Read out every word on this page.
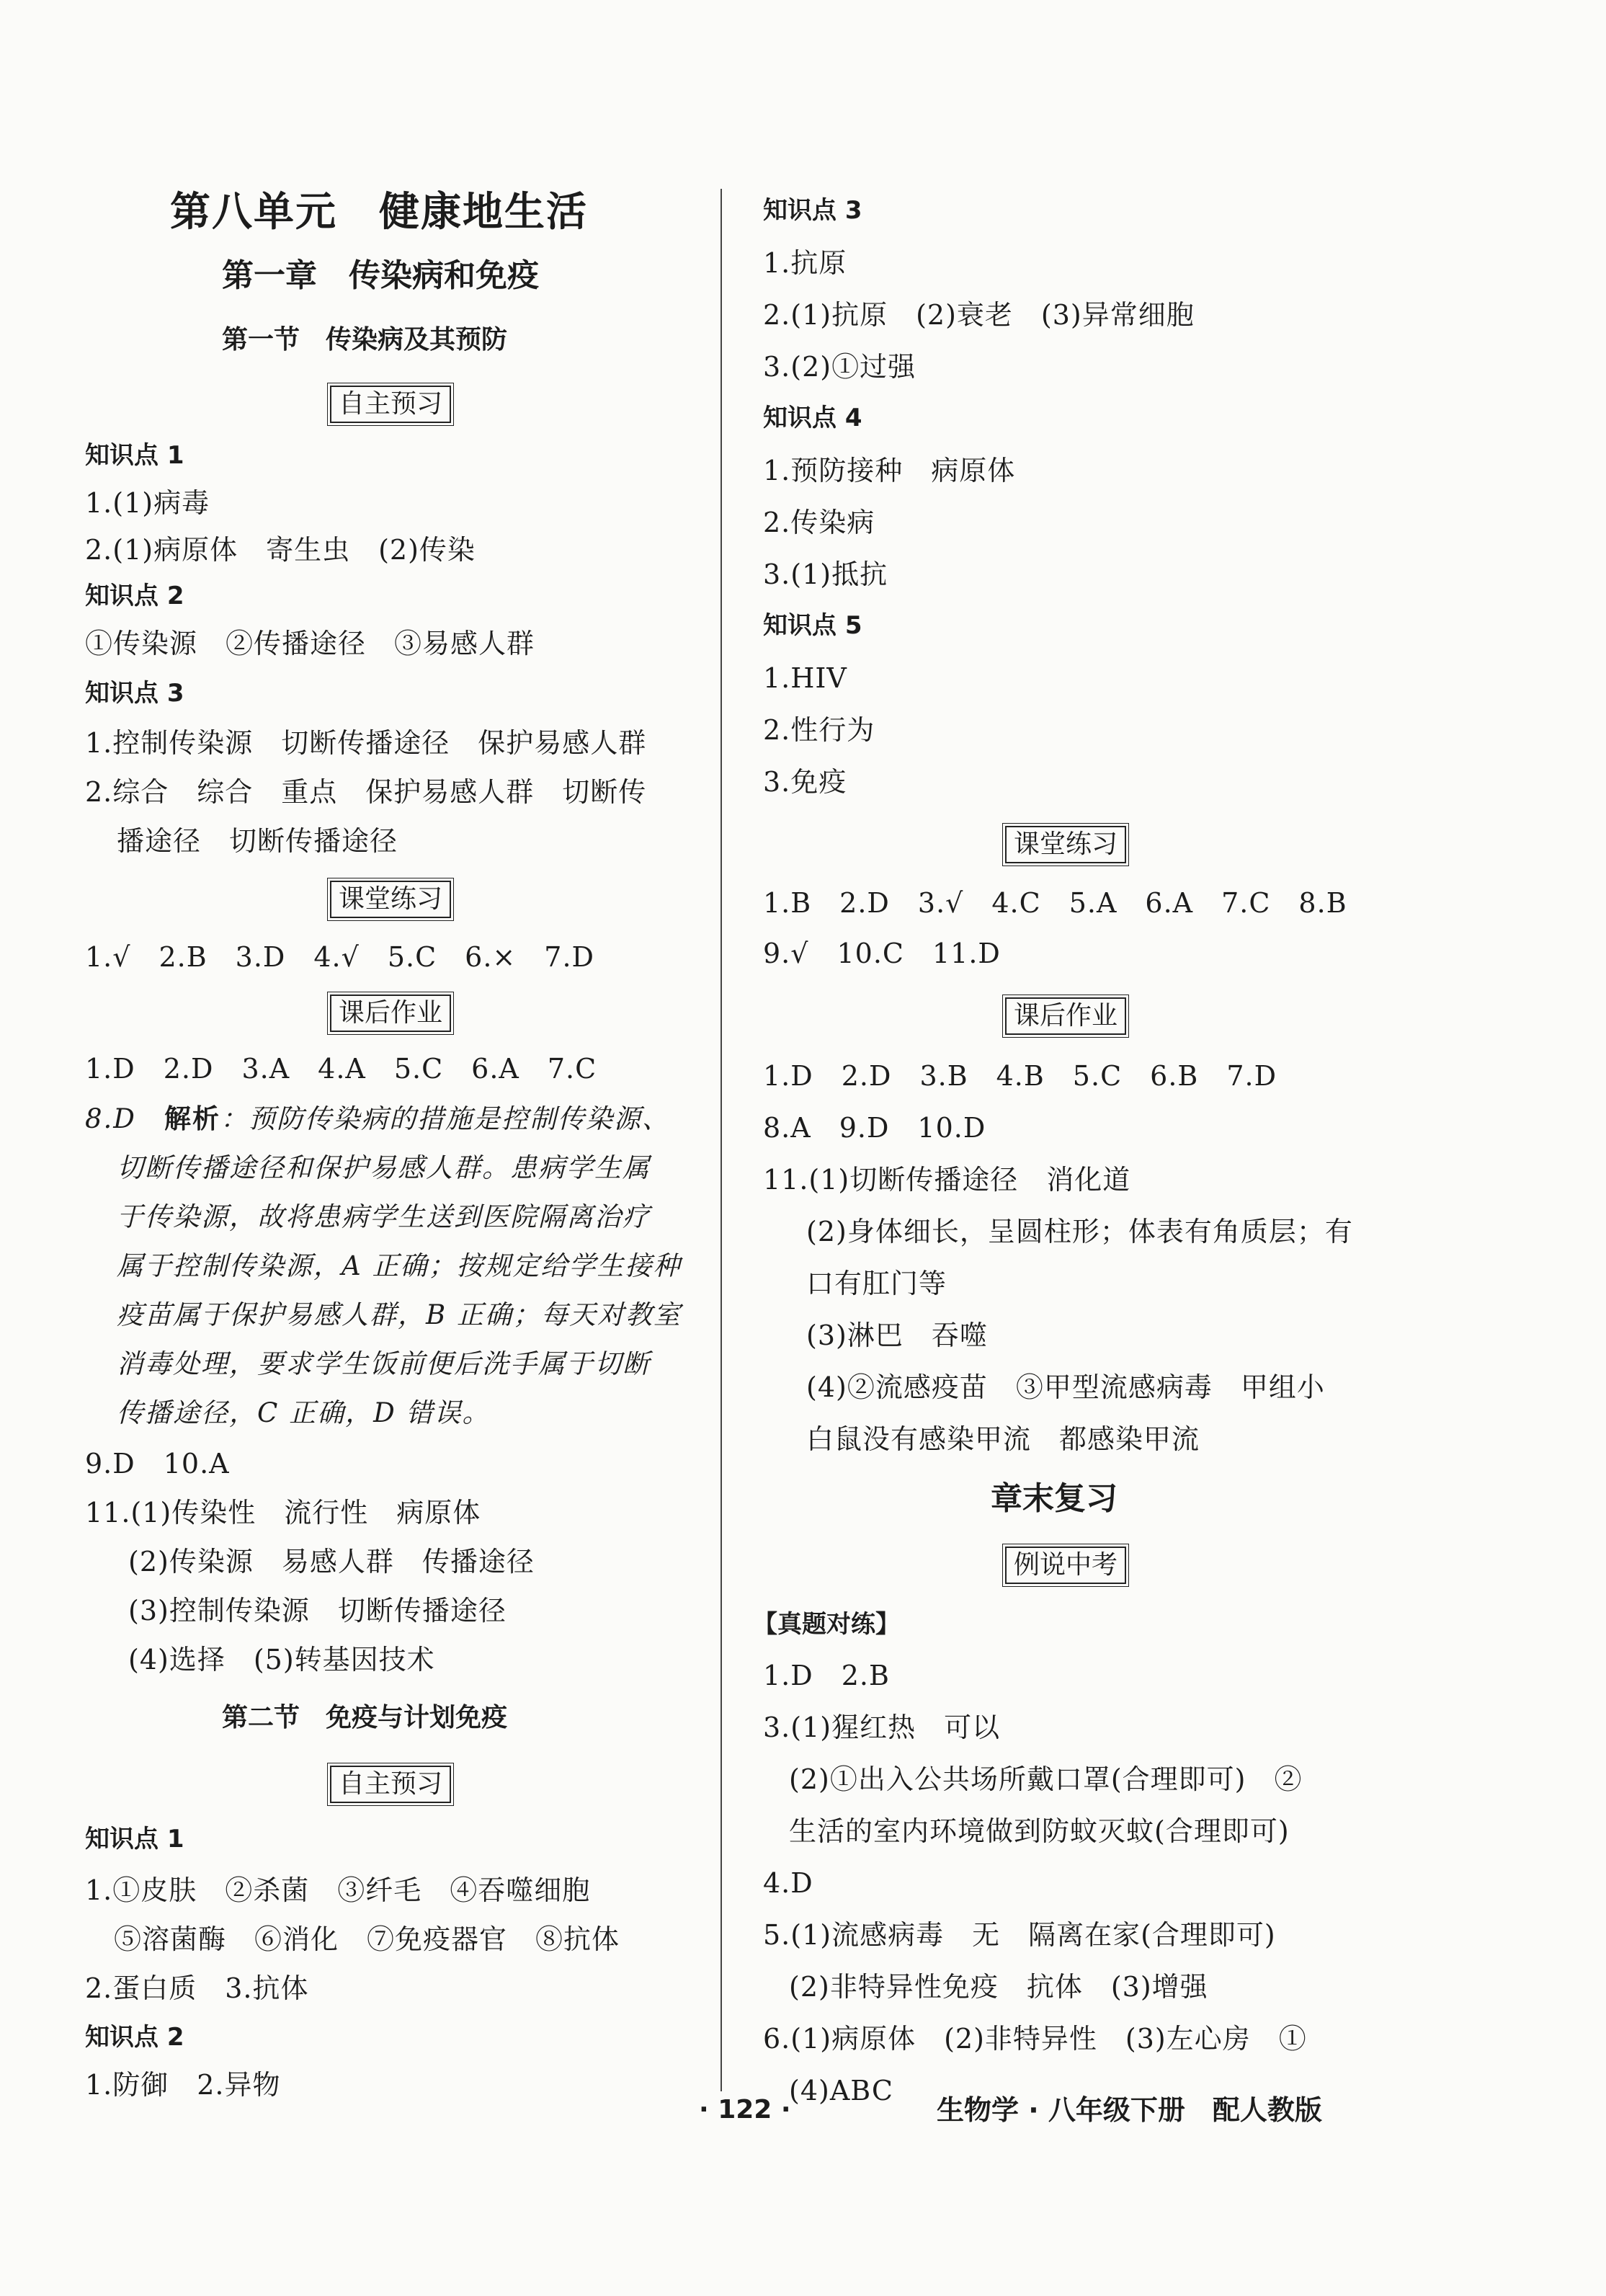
第八单元　健康地生活
第一章　传染病和免疫
第一节　传染病及其预防
自主预习
知识点 1
1.(1)病毒
2.(1)病原体　寄生虫　(2)传染
知识点 2
①传染源　②传播途径　③易感人群
知识点 3
1.控制传染源　切断传播途径　保护易感人群
2.综合　综合　重点　保护易感人群　切断传
播途径　切断传播途径
课堂练习
1.√　2.B　3.D　4.√　5.C　6.×　7.D
课后作业
1.D　2.D　3.A　4.A　5.C　6.A　7.C
8.D　解析：预防传染病的措施是控制传染源、
切断传播途径和保护易感人群。患病学生属
于传染源，故将患病学生送到医院隔离治疗
属于控制传染源，A 正确；按规定给学生接种
疫苗属于保护易感人群，B 正确；每天对教室
消毒处理，要求学生饭前便后洗手属于切断
传播途径，C 正确，D 错误。
9.D　10.A
11.(1)传染性　流行性　病原体
(2)传染源　易感人群　传播途径
(3)控制传染源　切断传播途径
(4)选择　(5)转基因技术
第二节　免疫与计划免疫
自主预习
知识点 1
1.①皮肤　②杀菌　③纤毛　④吞噬细胞
⑤溶菌酶　⑥消化　⑦免疫器官　⑧抗体
2.蛋白质　3.抗体
知识点 2
1.防御　2.异物
知识点 3
1.抗原
2.(1)抗原　(2)衰老　(3)异常细胞
3.(2)①过强
知识点 4
1.预防接种　病原体
2.传染病
3.(1)抵抗
知识点 5
1.HIV
2.性行为
3.免疫
课堂练习
1.B　2.D　3.√　4.C　5.A　6.A　7.C　8.B
9.√　10.C　11.D
课后作业
1.D　2.D　3.B　4.B　5.C　6.B　7.D
8.A　9.D　10.D
11.(1)切断传播途径　消化道
(2)身体细长，呈圆柱形；体表有角质层；有
口有肛门等
(3)淋巴　吞噬
(4)②流感疫苗　③甲型流感病毒　甲组小
白鼠没有感染甲流　都感染甲流
章末复习
例说中考
【真题对练】
1.D　2.B
3.(1)猩红热　可以
(2)①出入公共场所戴口罩(合理即可)　②
生活的室内环境做到防蚊灭蚊(合理即可)
4.D
5.(1)流感病毒　无　隔离在家(合理即可)
(2)非特异性免疫　抗体　(3)增强
6.(1)病原体　(2)非特异性　(3)左心房　①
(4)ABC
· 122 ·	生物学 · 八年级下册　配人教版
